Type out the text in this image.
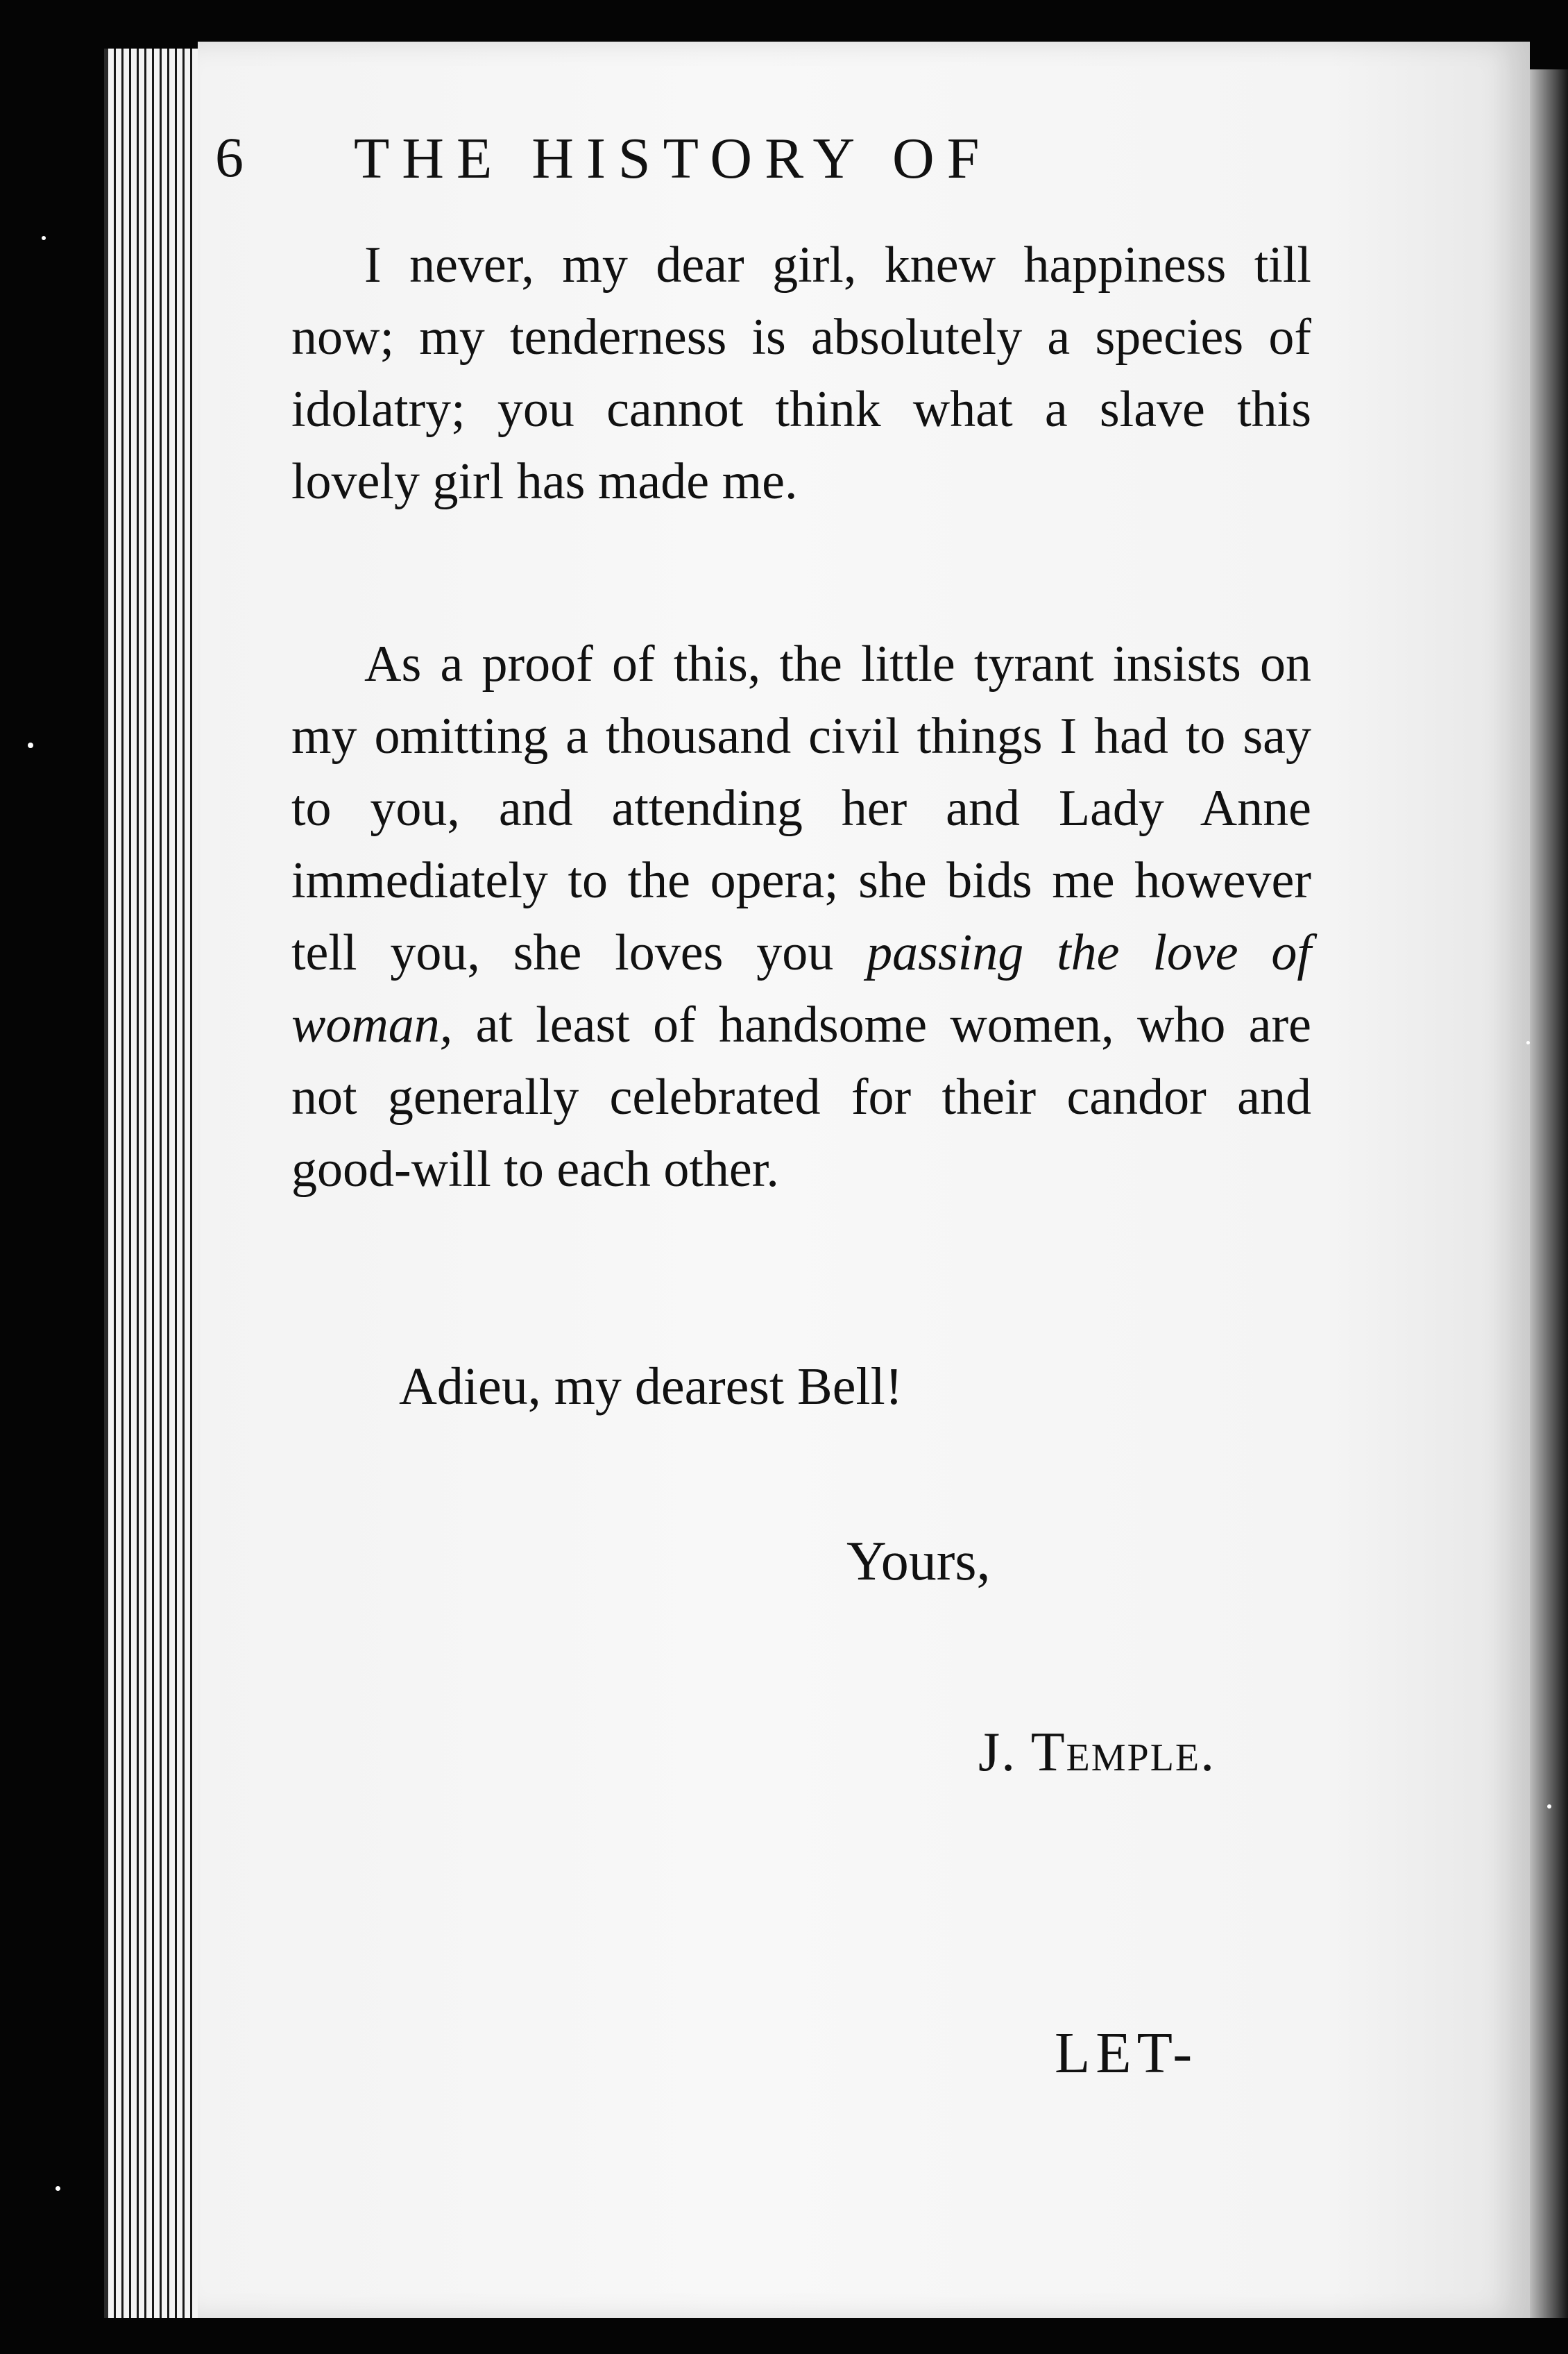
6 THE HISTORY OF

I never, my dear girl, knew happiness till now; my tenderness is absolutely a species of idolatry; you cannot think what a slave this lovely girl has made me.

As a proof of this, the little tyrant insists on my omitting a thousand civil things I had to say to you, and attending her and Lady Anne immediately to the opera; she bids me however tell you, she loves you passing the love of woman, at least of handsome women, who are not generally celebrated for their candor and good-will to each other.

Adieu, my dearest Bell!
Yours,
J. Temple.
LET-
